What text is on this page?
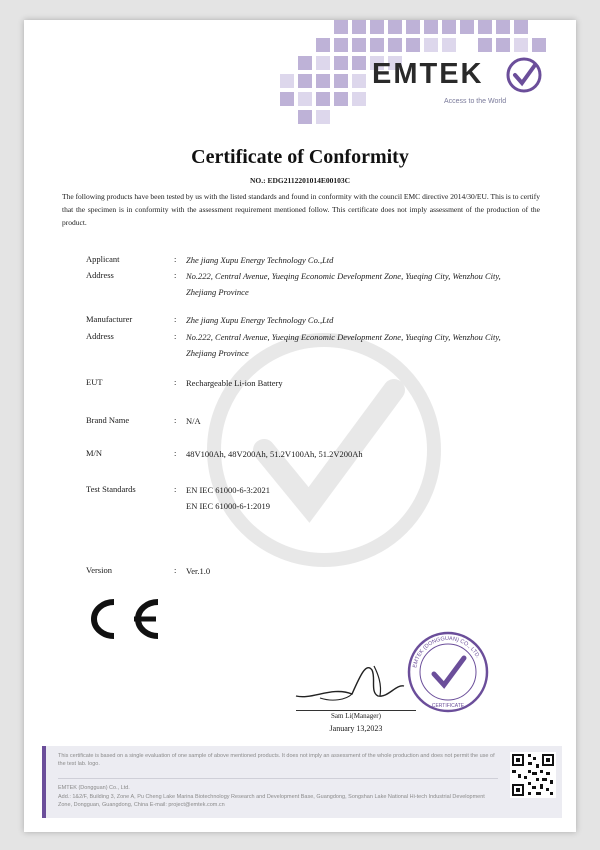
EMTEK
Access to the World
Certificate of Conformity
NO.: EDG2112201014E00103C
The following products have been tested by us with the listed standards and found in conformity with the council EMC directive 2014/30/EU. This is to certify that the specimen is in conformity with the assessment requirement mentioned follow. This certificate does not imply assessment of the production of the product.
Applicant	: Zhe jiang Xupu Energy Technology Co.,Ltd
Address	: No.222, Central Avenue, Yueqing Economic Development Zone, Yueqing City, Wenzhou City, Zhejiang Province
Manufacturer	: Zhe jiang Xupu Energy Technology Co.,Ltd
Address	: No.222, Central Avenue, Yueqing Economic Development Zone, Yueqing City, Wenzhou City, Zhejiang Province
EUT	: Rechargeable Li-ion Battery
Brand Name	: N/A
M/N	: 48V100Ah, 48V200Ah, 51.2V100Ah, 51.2V200Ah
Test Standards	: EN IEC 61000-6-3:2021
EN IEC 61000-6-1:2019
Version	: Ver.1.0
Sam Li(Manager)
January 13,2023
EMTEK (DONGGUAN) CO., LTD.
CERTIFICATE
This certificate is based on a single evaluation of one sample of above mentioned products. It does not imply an assessment of the whole production and does not permit the use of the test lab. logo.
EMTEK (Dongguan) Co., Ltd.
Add.: 1&2/F, Building 3, Zone A, Pu Cheng Lake Marina Biotechnology Research and Development Base, Guangdong, Songshan Lake National Hi-tech Industrial Development Zone, Dongguan, Guangdong, China E-mail: project@emtek.com.cn
